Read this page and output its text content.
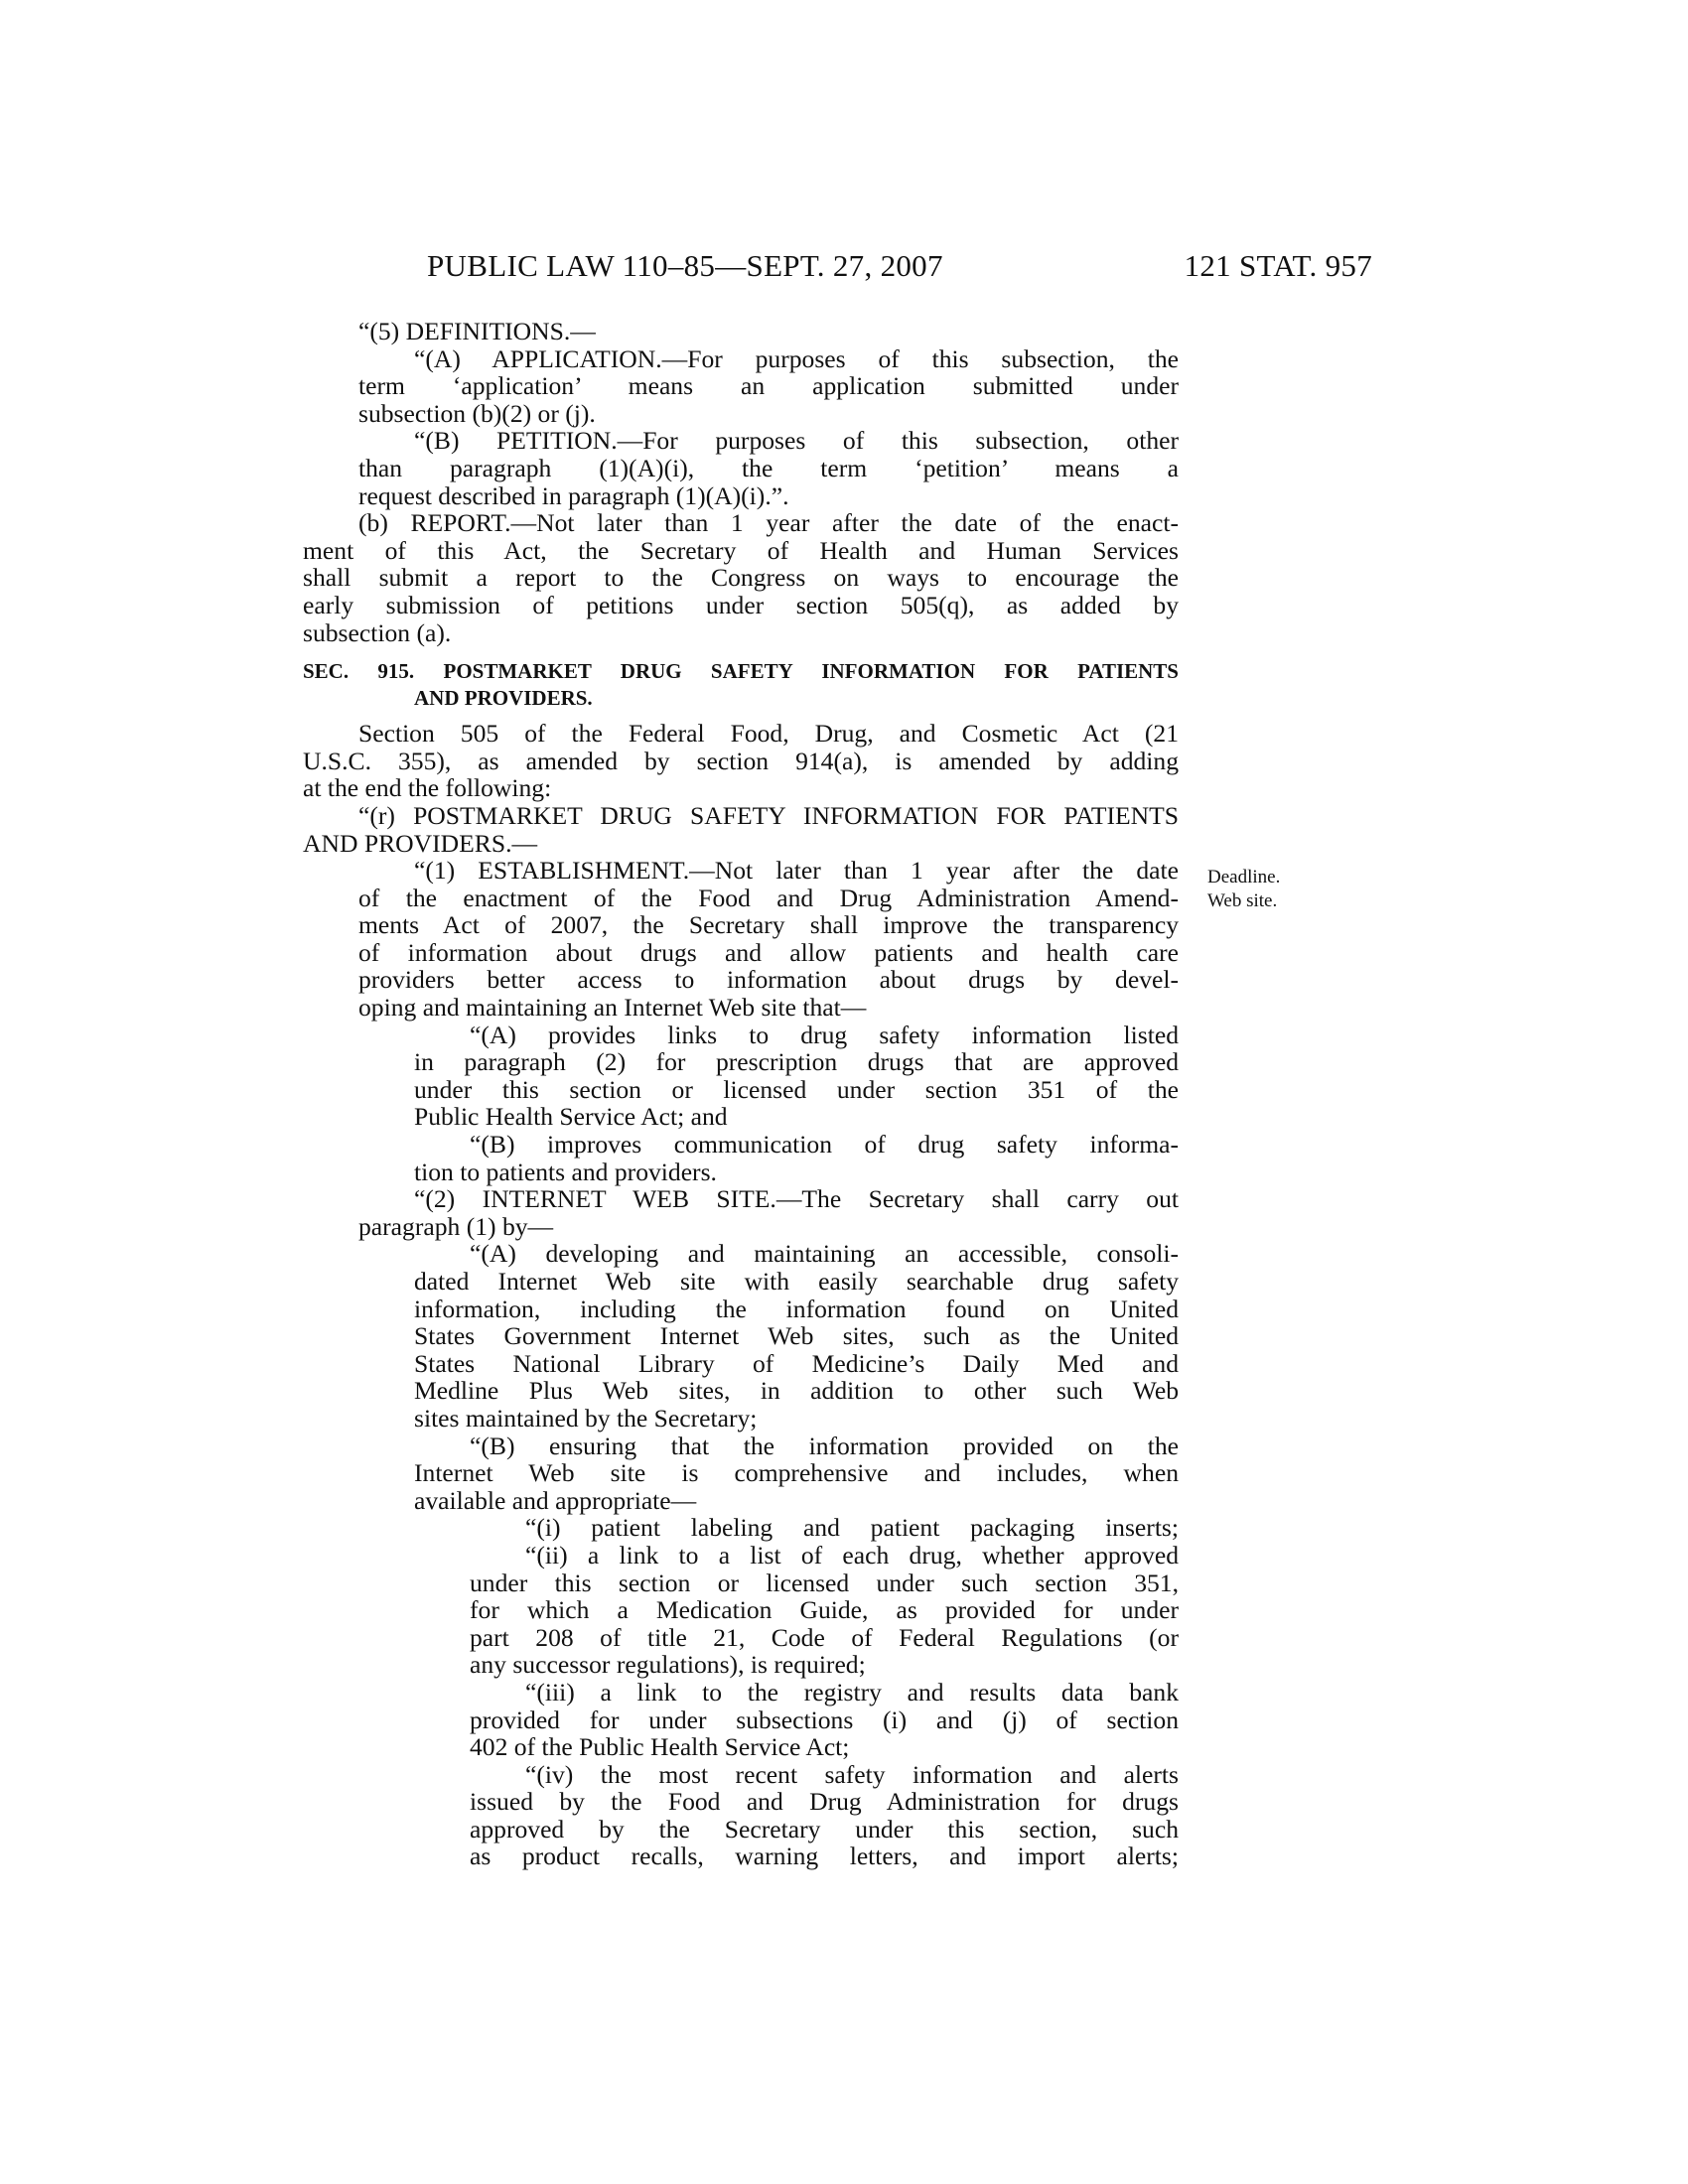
PUBLIC LAW 110–85—SEPT. 27, 2007	121 STAT. 957

“(5) DEFINITIONS.—

“(A) APPLICATION.—For purposes of this subsection, the

term ‘application’ means an application submitted under

subsection (b)(2) or (j).

“(B) PETITION.—For purposes of this subsection, other

than paragraph (1)(A)(i), the term ‘petition’ means a

request described in paragraph (1)(A)(i).”.

(b) REPORT.—Not later than 1 year after the date of the enact-

ment of this Act, the Secretary of Health and Human Services

shall submit a report to the Congress on ways to encourage the

early submission of petitions under section 505(q), as added by

subsection (a).

SEC. 915. POSTMARKET DRUG SAFETY INFORMATION FOR PATIENTS

AND PROVIDERS.

Section 505 of the Federal Food, Drug, and Cosmetic Act (21

U.S.C. 355), as amended by section 914(a), is amended by adding

at the end the following:

“(r) POSTMARKET DRUG SAFETY INFORMATION FOR PATIENTS

AND PROVIDERS.—

“(1) ESTABLISHMENT.—Not later than 1 year after the date

of the enactment of the Food and Drug Administration Amend-

ments Act of 2007, the Secretary shall improve the transparency

of information about drugs and allow patients and health care

providers better access to information about drugs by devel-

oping and maintaining an Internet Web site that—

“(A) provides links to drug safety information listed

in paragraph (2) for prescription drugs that are approved

under this section or licensed under section 351 of the

Public Health Service Act; and

“(B) improves communication of drug safety informa-

tion to patients and providers.

“(2) INTERNET WEB SITE.—The Secretary shall carry out

paragraph (1) by—

“(A) developing and maintaining an accessible, consoli-

dated Internet Web site with easily searchable drug safety

information, including the information found on United

States Government Internet Web sites, such as the United

States National Library of Medicine’s Daily Med and

Medline Plus Web sites, in addition to other such Web

sites maintained by the Secretary;

“(B) ensuring that the information provided on the

Internet Web site is comprehensive and includes, when

available and appropriate—

“(i) patient labeling and patient packaging inserts;

“(ii) a link to a list of each drug, whether approved

under this section or licensed under such section 351,

for which a Medication Guide, as provided for under

part 208 of title 21, Code of Federal Regulations (or

any successor regulations), is required;

“(iii) a link to the registry and results data bank

provided for under subsections (i) and (j) of section

402 of the Public Health Service Act;

“(iv) the most recent safety information and alerts

issued by the Food and Drug Administration for drugs

approved by the Secretary under this section, such

as product recalls, warning letters, and import alerts;

Deadline.
Web site.
